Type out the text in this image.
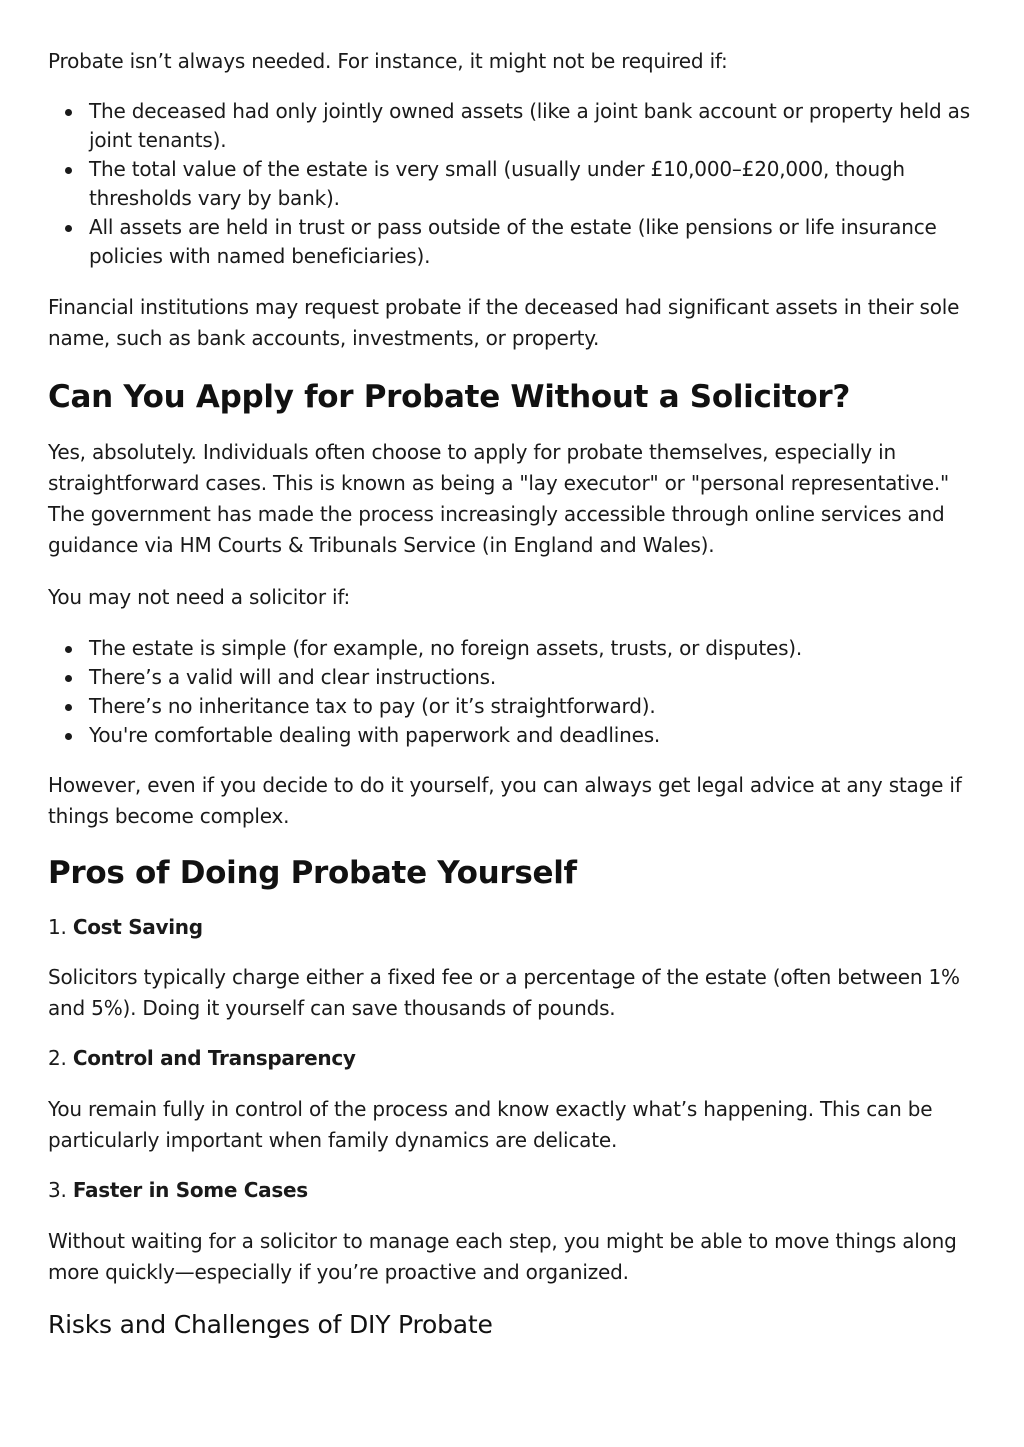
Probate isn’t always needed. For instance, it might not be required if:

The deceased had only jointly owned assets (like a joint bank account or property held as joint tenants).
The total value of the estate is very small (usually under £10,000–£20,000, though thresholds vary by bank).
All assets are held in trust or pass outside of the estate (like pensions or life insurance policies with named beneficiaries).

Financial institutions may request probate if the deceased had significant assets in their sole name, such as bank accounts, investments, or property.

Can You Apply for Probate Without a Solicitor?

Yes, absolutely. Individuals often choose to apply for probate themselves, especially in straightforward cases. This is known as being a "lay executor" or "personal representative." The government has made the process increasingly accessible through online services and guidance via HM Courts & Tribunals Service (in England and Wales).

You may not need a solicitor if:

The estate is simple (for example, no foreign assets, trusts, or disputes).
There’s a valid will and clear instructions.
There’s no inheritance tax to pay (or it’s straightforward).
You're comfortable dealing with paperwork and deadlines.

However, even if you decide to do it yourself, you can always get legal advice at any stage if things become complex.

Pros of Doing Probate Yourself

1. Cost Saving

Solicitors typically charge either a fixed fee or a percentage of the estate (often between 1% and 5%). Doing it yourself can save thousands of pounds.

2. Control and Transparency

You remain fully in control of the process and know exactly what’s happening. This can be particularly important when family dynamics are delicate.

3. Faster in Some Cases

Without waiting for a solicitor to manage each step, you might be able to move things along more quickly—especially if you’re proactive and organized.

Risks and Challenges of DIY Probate
